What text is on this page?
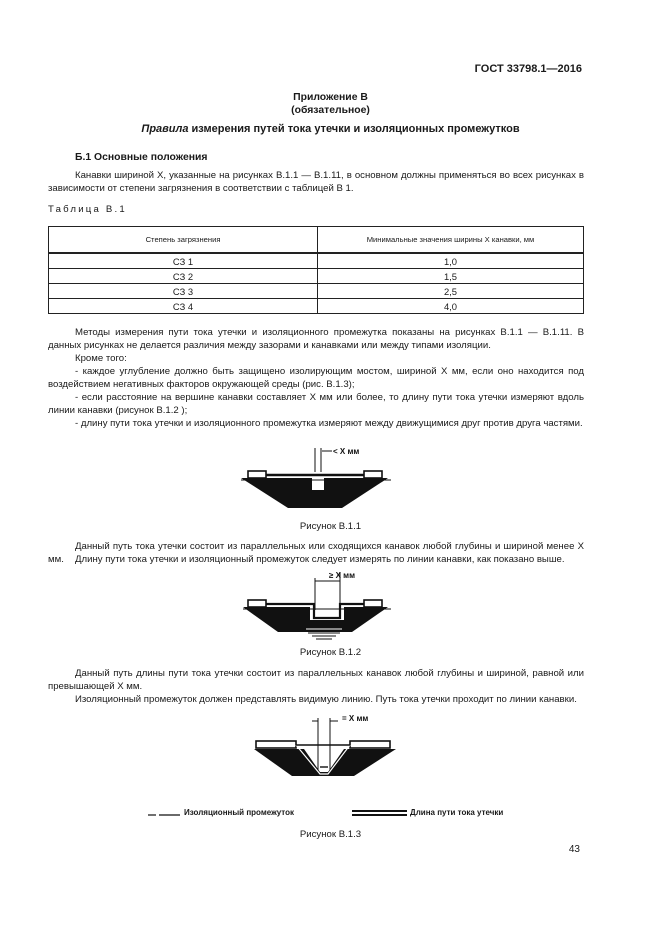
ГОСТ 33798.1—2016
Приложение В
(обязательное)
Правила измерения путей тока утечки и изоляционных промежутков
Б.1 Основные положения
Канавки шириной X, указанные на рисунках В.1.1 — В.1.11, в основном должны применяться во всех рисунках в зависимости от степени загрязнения в соответствии с таблицей В 1.
Таблица В.1
Степень загрязнения	Минимальные значения ширины X канавки, мм
СЗ 1	1,0
СЗ 2	1,5
СЗ 3	2,5
СЗ 4	4,0
Методы измерения пути тока утечки и изоляционного промежутка показаны на рисунках В.1.1 — В.1.11. В данных рисунках не делается различия между зазорами и канавками или между типами изоляции.
Кроме того:
- каждое углубление должно быть защищено изолирующим мостом, шириной X мм, если оно находится под воздействием негативных факторов окружающей среды (рис. В.1.3);
- если расстояние на вершине канавки составляет X мм или более, то длину пути тока утечки измеряют вдоль линии канавки (рисунок В.1.2 );
- длину пути тока утечки и изоляционного промежутка измеряют между движущимися друг против друга частями.
< X мм
Рисунок В.1.1
Данный путь тока утечки состоит из параллельных или сходящихся канавок любой глубины и шириной менее X мм.	Длину пути тока утечки и изоляционный промежуток следует измерять по линии канавки, как показано выше.
≥ X мм
Рисунок В.1.2
Данный путь длины пути тока утечки состоит из параллельных канавок любой глубины и шириной, равной или превышающей X мм.
Изоляционный промежуток должен представлять видимую линию. Путь тока утечки проходит по линии канавки.
= X мм
Изоляционный промежуток	Длина пути тока утечки
Рисунок В.1.3
43
